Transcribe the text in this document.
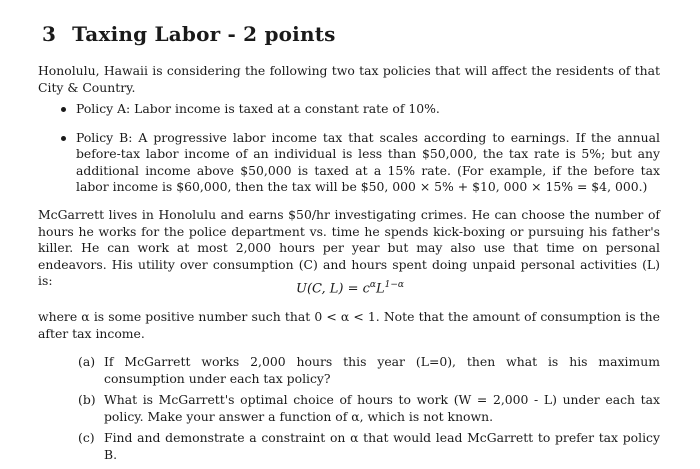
3 Taxing Labor - 2 points
Honolulu, Hawaii is considering the following two tax policies that will affect the residents of that City & Country.
Policy A: Labor income is taxed at a constant rate of 10%.
Policy B: A progressive labor income tax that scales according to earnings. If the annual before-tax labor income of an individual is less than $50,000, the tax rate is 5%; but any additional income above $50,000 is taxed at a 15% rate. (For example, if the before tax labor income is $60,000, then the tax will be $50, 000 × 5% + $10, 000 × 15% = $4, 000.)
McGarrett lives in Honolulu and earns $50/hr investigating crimes. He can choose the number of hours he works for the police department vs. time he spends kick-boxing or pursuing his father's killer. He can work at most 2,000 hours per year but may also use that time on personal endeavors. His utility over consumption (C) and hours spent doing unpaid personal activities (L) is:
U(C, $L) = c^\alpha L^{1-\alpha}$
where α is some positive number such that 0 < α < 1. Note that the amount of consumption is the after tax income.
(a) If McGarrett works 2,000 hours this year (L=0), then what is his maximum consumption under each tax policy?
(b) What is McGarrett's optimal choice of hours to work (W = 2,000 - L) under each tax policy. Make your answer a function of α, which is not known.
(c) Find and demonstrate a constraint on α that would lead McGarrett to prefer tax policy B.
